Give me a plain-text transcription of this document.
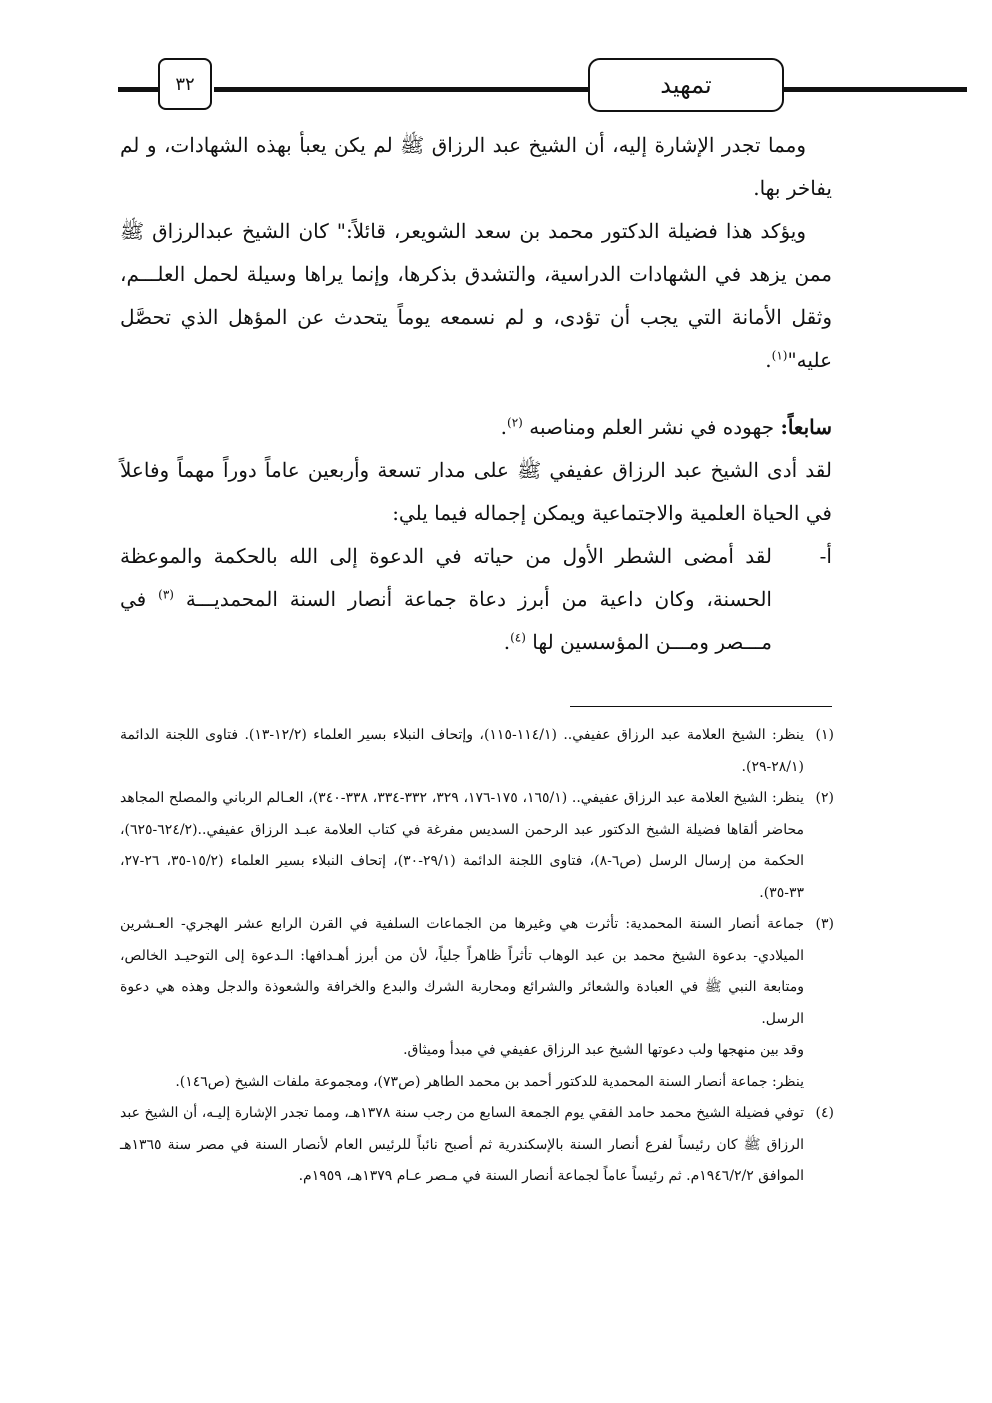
٣٢	تمهيد

ومما تجدر الإشارة إليه، أن الشيخ عبد الرزاق ﷺ لم يكن يعبأ بهذه الشهادات، و لم يفاخر بها.

ويؤكد هذا فضيلة الدكتور محمد بن سعد الشويعر، قائلاً:" كان الشيخ عبدالرزاق ﷺ ممن يزهد في الشهادات الدراسية، والتشدق بذكرها، وإنما يراها وسيلة لحمل العلـــم، وثقل الأمانة التي يجب أن تؤدى، و لم نسمعه يوماً يتحدث عن المؤهل الذي تحصَّل عليه"$^{(١)}$.

سابعاً: جهوده في نشر العلم ومناصبه $^{(٢)}$.

لقد أدى الشيخ عبد الرزاق عفيفي ﷺ على مدار تسعة وأربعين عاماً دوراً مهماً وفاعلاً في الحياة العلمية والاجتماعية ويمكن إجماله فيما يلي:

أ-
لقد أمضى الشطر الأول من حياته في الدعوة إلى الله بالحكمة والموعظة الحسنة، وكان داعية من أبرز دعاة جماعة أنصار السنة المحمديـــة $^{(٣)}$ في مـــصر ومـــن المؤسسين لها $^{(٤)}$.
(١)
ينظر: الشيخ العلامة عبد الرزاق عفيفي.. (١١٤/١-١١٥)، وإتحاف النبلاء بسير العلماء (١٢/٢-١٣). فتاوى اللجنة الدائمة (٢٨/١-٢٩).
(٢)
ينظر: الشيخ العلامة عبد الرزاق عفيفي.. (١٦٥/١، ١٧٥-١٧٦، ٣٢٩، ٣٣٢-٣٣٤، ٣٣٨-٣٤٠)، العـالم الرباني والمصلح المجاهد محاضر ألقاها فضيلة الشيخ الدكتور عبد الرحمن السديس مفرغة في كتاب العلامة عبـد الرزاق عفيفي..(٦٢٤/٢-٦٢٥)، الحكمة من إرسال الرسل (ص٦-٨)، فتاوى اللجنة الدائمة (٢٩/١-٣٠)، إتحاف النبلاء بسير العلماء (١٥/٢-٣٥، ٢٦-٢٧، ٣٣-٣٥).
(٣)
جماعة أنصار السنة المحمدية: تأثرت هي وغيرها من الجماعات السلفية في القرن الرابع عشر الهجري- العـشرين الميلادي- بدعوة الشيخ محمد بن عبد الوهاب تأثراً ظاهراً جلياً، لأن من أبرز أهـدافها: الـدعوة إلى التوحيـد الخالص، ومتابعة النبي ﷺ في العبادة والشعائر والشرائع ومحاربة الشرك والبدع والخرافة والشعوذة والدجل وهذه هي دعوة الرسل.

وقد بين منهجها ولب دعوتها الشيخ عبد الرزاق عفيفي في مبدأ وميثاق.

ينظر: جماعة أنصار السنة المحمدية للدكتور أحمد بن محمد الطاهر (ص٧٣)، ومجموعة ملفات الشيخ (ص١٤٦).

(٤)
توفي فضيلة الشيخ محمد حامد الفقي يوم الجمعة السابع من رجب سنة ١٣٧٨هـ، ومما تجدر الإشارة إليـه، أن الشيخ عبد الرزاق ﷺ كان رئيساً لفرع أنصار السنة بالإسكندرية ثم أصبح نائباً للرئيس العام لأنصار السنة في مصر سنة ١٣٦٥هـ الموافق ١٩٤٦/٢/٢م. ثم رئيساً عاماً لجماعة أنصار السنة في مـصر عـام ١٣٧٩هـ، ١٩٥٩م.
